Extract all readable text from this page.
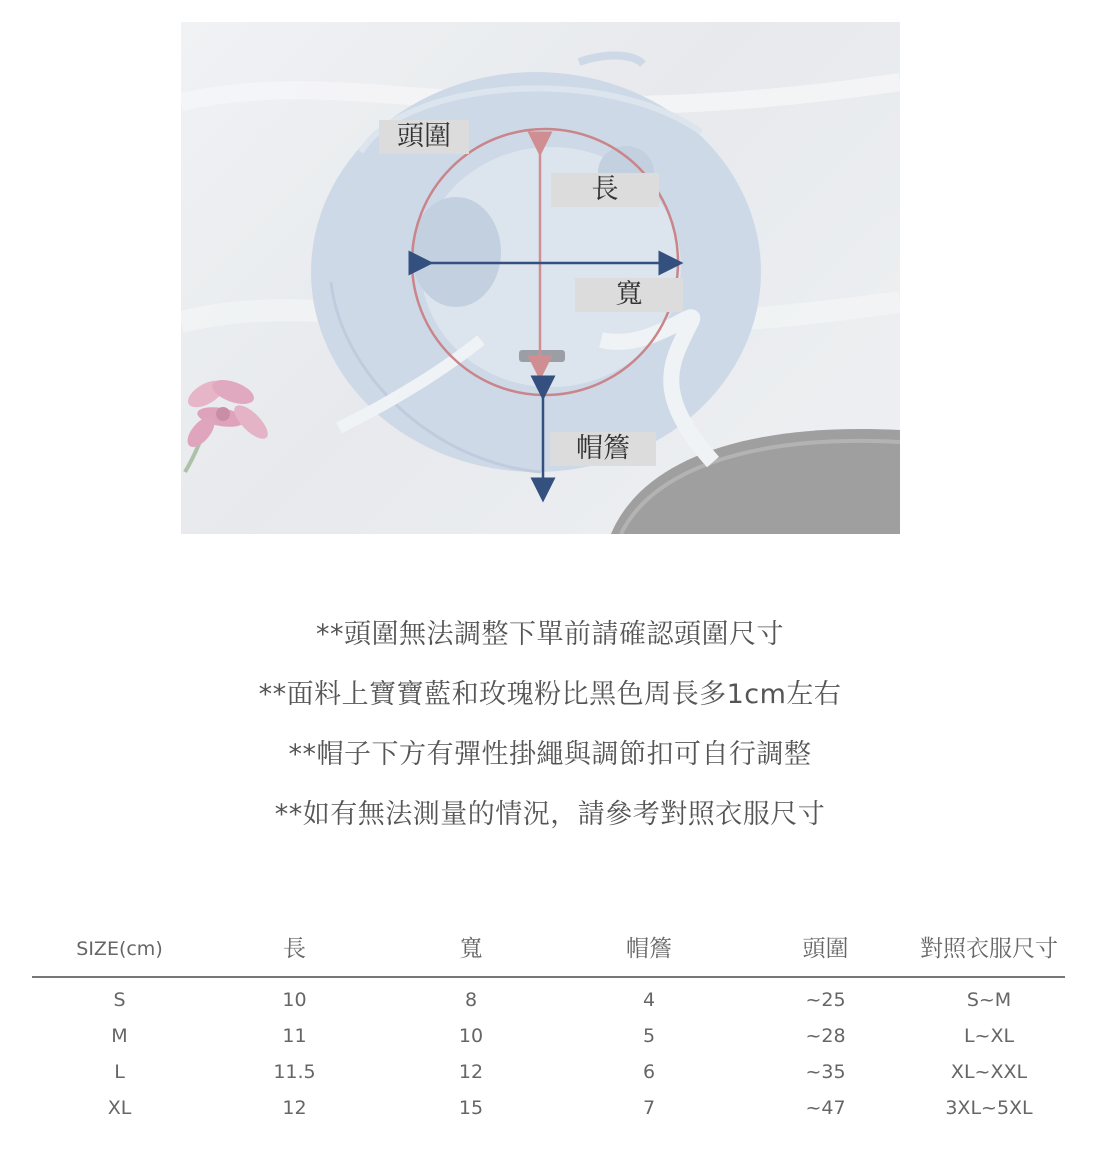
頭圍
長
寬
帽簷

**頭圍無法調整下單前請確認頭圍尺寸

**面料上寶寶藍和玫瑰粉比黑色周長多1cm左右

**帽子下方有彈性掛繩與調節扣可自行調整

**如有無法測量的情況，請參考對照衣服尺寸

SIZE(cm)	長	寬	帽簷	頭圍	對照衣服尺寸
S	10	8	4	~25	S~M
M	11	10	5	~28	L~XL
L	11.5	12	6	~35	XL~XXL
XL	12	15	7	~47	3XL~5XL
